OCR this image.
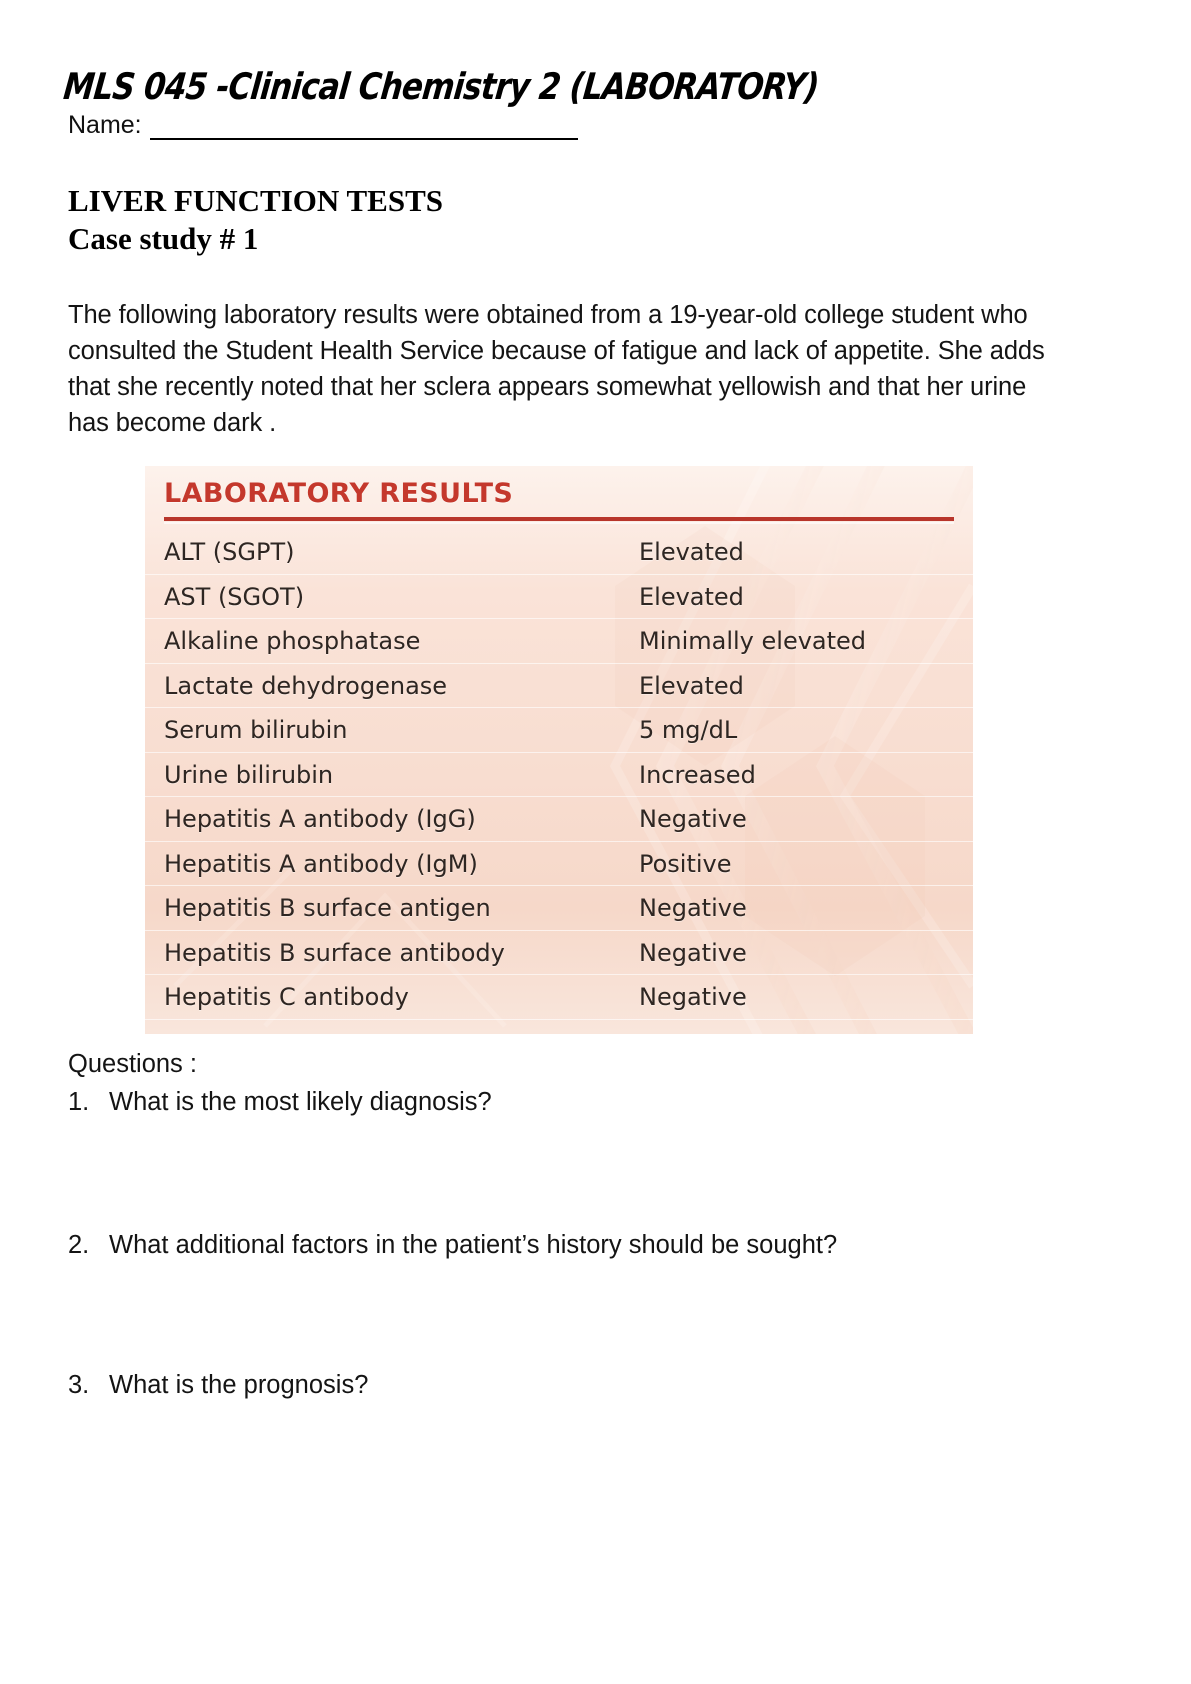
MLS 045 -Clinical Chemistry 2 (LABORATORY)
Name:
LIVER FUNCTION TESTS
Case study # 1
The following laboratory results were obtained from a 19-year-old college student who consulted the Student Health Service because of fatigue and lack of appetite. She adds that she recently noted that her sclera appears somewhat yellowish and that her urine has become dark .
LABORATORY RESULTS
ALT (SGPT)	Elevated
AST (SGOT)	Elevated
Alkaline phosphatase	Minimally elevated
Lactate dehydrogenase	Elevated
Serum bilirubin	5 mg/dL
Urine bilirubin	Increased
Hepatitis A antibody (IgG)	Negative
Hepatitis A antibody (IgM)	Positive
Hepatitis B surface antigen	Negative
Hepatitis B surface antibody	Negative
Hepatitis C antibody	Negative
Questions :
1. What is the most likely diagnosis?
2. What additional factors in the patient’s history should be sought?
3. What is the prognosis?
